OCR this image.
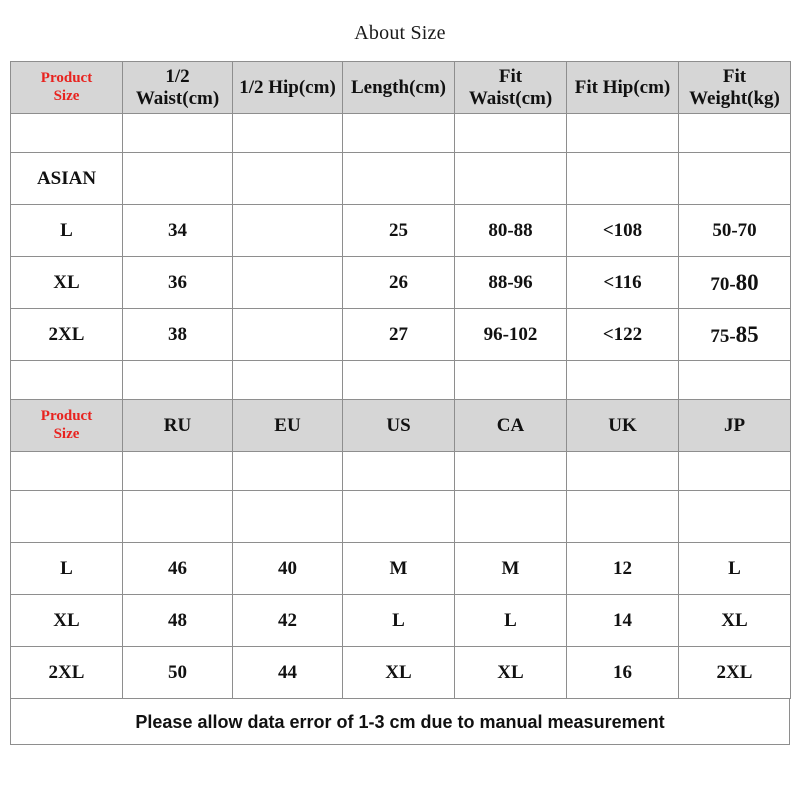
About Size
Product
Size	1/2 Waist(cm)	1/2 Hip(cm)	Length(cm)	Fit Waist(cm)	Fit Hip(cm)	Fit Weight(kg)

ASIAN						
L	34		25	80-88	<108	50-70
XL	36		26	88-96	<116	70-80
2XL	38		27	96-102	<122	75-85

Product
Size	RU	EU	US	CA	UK	JP

L	46	40	M	M	12	L
XL	48	42	L	L	14	XL
2XL	50	44	XL	XL	16	2XL
Please allow data error of 1-3 cm due to manual measurement
